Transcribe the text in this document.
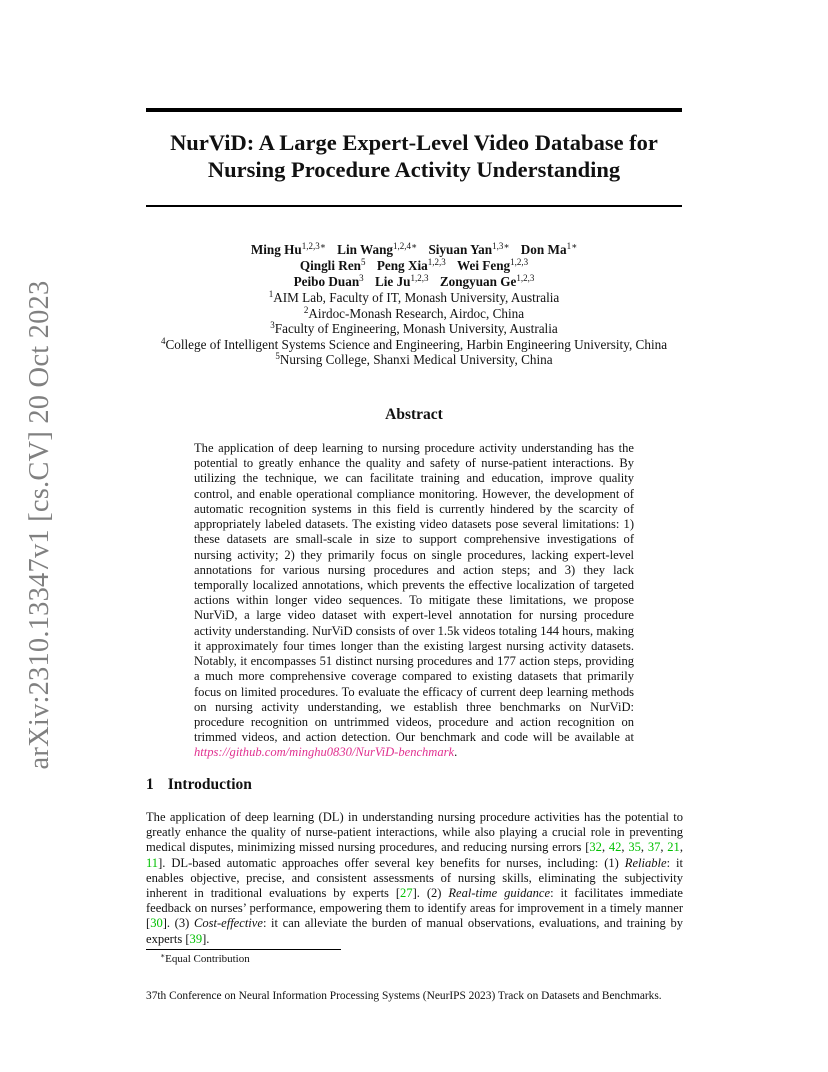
arXiv:2310.13347v1 [cs.CV] 20 Oct 2023
NurViD: A Large Expert-Level Video Database for
Nursing Procedure Activity Understanding
Ming $Hu^{1,2,3∗}$ Lin Wang$^{1,2,4∗}$ Siyuan Yan$^{1,3∗}$ Don $Ma^{1∗}$
Qingli Ren$^5$ Peng Xia$^{1,2,3}$ Wei Feng$^{1,2,3}$
Peibo Duan$^3$ Lie Ju$^{1,2,3}$ Zongyuan Ge$^{1,2,3}$
$^1$AIM Lab, Faculty of IT, Monash University, Australia
$^2$Airdoc-Monash Research, Airdoc, China
$^3$Faculty of Engineering, Monash University, Australia
$^4$College of Intelligent Systems Science and Engineering, Harbin Engineering University, China
$^5$Nursing College, Shanxi Medical University, China
Abstract
The application of deep learning to nursing procedure activity understanding has the potential to greatly enhance the quality and safety of nurse-patient interactions. By utilizing the technique, we can facilitate training and education, improve quality control, and enable operational compliance monitoring. However, the development of automatic recognition systems in this field is currently hindered by the scarcity of appropriately labeled datasets. The existing video datasets pose several limitations: 1) these datasets are small-scale in size to support comprehensive investigations of nursing activity; 2) they primarily focus on single procedures, lacking expert-level annotations for various nursing procedures and action steps; and 3) they lack temporally localized annotations, which prevents the effective localization of targeted actions within longer video sequences. To mitigate these limitations, we propose NurViD, a large video dataset with expert-level annotation for nursing procedure activity understanding. NurViD consists of over 1.5k videos totaling 144 hours, making it approximately four times longer than the existing largest nursing activity datasets. Notably, it encompasses 51 distinct nursing procedures and 177 action steps, providing a much more comprehensive coverage compared to existing datasets that primarily focus on limited procedures. To evaluate the efficacy of current deep learning methods on nursing activity understanding, we establish three benchmarks on NurViD: procedure recognition on untrimmed videos, procedure and action recognition on trimmed videos, and action detection. Our benchmark and code will be available at https://github.com/minghu0830/NurViD-benchmark.
1 Introduction
The application of deep learning (DL) in understanding nursing procedure activities has the potential to greatly enhance the quality of nurse-patient interactions, while also playing a crucial role in preventing medical disputes, minimizing missed nursing procedures, and reducing nursing errors [32, 42, 35, 37, 21, 11]. DL-based automatic approaches offer several key benefits for nurses, including: (1) Reliable: it enables objective, precise, and consistent assessments of nursing skills, eliminating the subjectivity inherent in traditional evaluations by experts [27]. (2) Real-time guidance: it facilitates immediate feedback on nurses’ performance, empowering them to identify areas for improvement in a timely manner [30]. (3) Cost-effective: it can alleviate the burden of manual observations, evaluations, and training by experts [39].
∗Equal Contribution
37th Conference on Neural Information Processing Systems (NeurIPS 2023) Track on Datasets and Benchmarks.
